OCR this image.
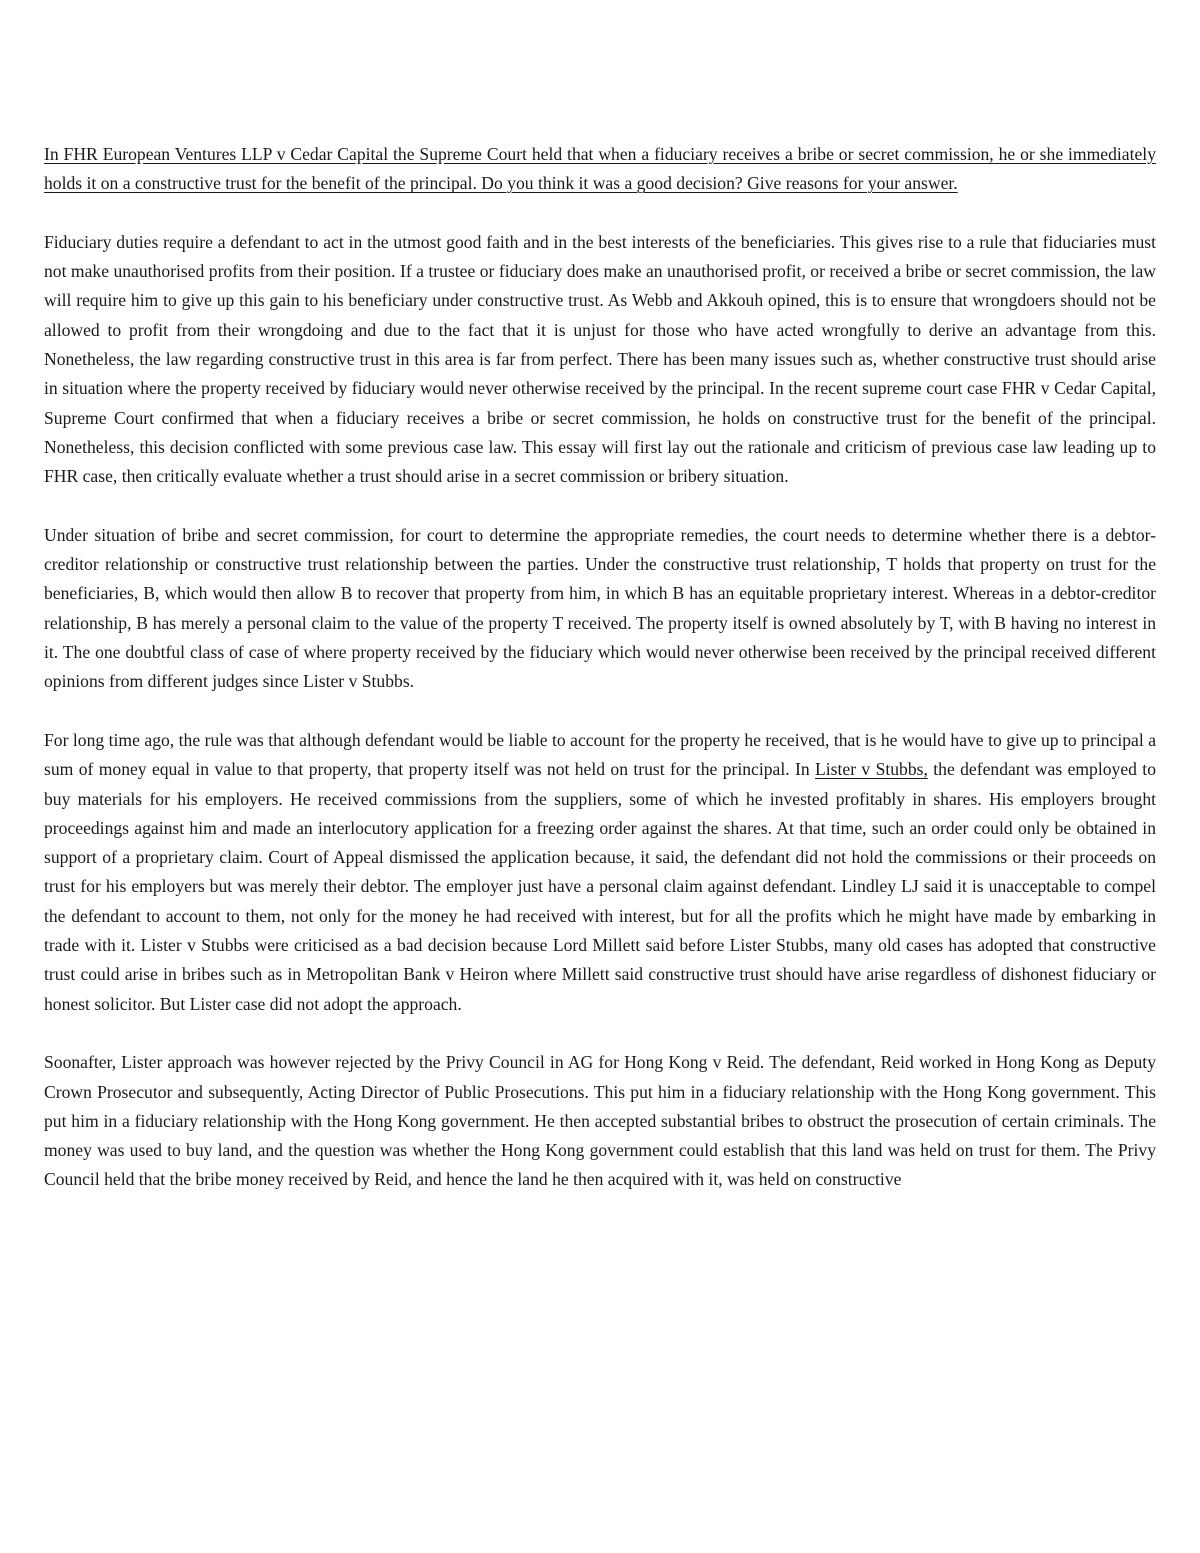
In FHR European Ventures LLP v Cedar Capital the Supreme Court held that when a fiduciary receives a bribe or secret commission, he or she immediately holds it on a constructive trust for the benefit of the principal. Do you think it was a good decision? Give reasons for your answer.

Fiduciary duties require a defendant to act in the utmost good faith and in the best interests of the beneficiaries. This gives rise to a rule that fiduciaries must not make unauthorised profits from their position. If a trustee or fiduciary does make an unauthorised profit, or received a bribe or secret commission, the law will require him to give up this gain to his beneficiary under constructive trust. As Webb and Akkouh opined, this is to ensure that wrongdoers should not be allowed to profit from their wrongdoing and due to the fact that it is unjust for those who have acted wrongfully to derive an advantage from this. Nonetheless, the law regarding constructive trust in this area is far from perfect. There has been many issues such as, whether constructive trust should arise in situation where the property received by fiduciary would never otherwise received by the principal. In the recent supreme court case FHR v Cedar Capital, Supreme Court confirmed that when a fiduciary receives a bribe or secret commission, he holds on constructive trust for the benefit of the principal. Nonetheless, this decision conflicted with some previous case law. This essay will first lay out the rationale and criticism of previous case law leading up to FHR case, then critically evaluate whether a trust should arise in a secret commission or bribery situation.

Under situation of bribe and secret commission, for court to determine the appropriate remedies, the court needs to determine whether there is a debtor-creditor relationship or constructive trust relationship between the parties. Under the constructive trust relationship, T holds that property on trust for the beneficiaries, B, which would then allow B to recover that property from him, in which B has an equitable proprietary interest. Whereas in a debtor-creditor relationship, B has merely a personal claim to the value of the property T received. The property itself is owned absolutely by T, with B having no interest in it. The one doubtful class of case of where property received by the fiduciary which would never otherwise been received by the principal received different opinions from different judges since Lister v Stubbs.

For long time ago, the rule was that although defendant would be liable to account for the property he received, that is he would have to give up to principal a sum of money equal in value to that property, that property itself was not held on trust for the principal. In Lister v Stubbs, the defendant was employed to buy materials for his employers. He received commissions from the suppliers, some of which he invested profitably in shares. His employers brought proceedings against him and made an interlocutory application for a freezing order against the shares. At that time, such an order could only be obtained in support of a proprietary claim. Court of Appeal dismissed the application because, it said, the defendant did not hold the commissions or their proceeds on trust for his employers but was merely their debtor. The employer just have a personal claim against defendant. Lindley LJ said it is unacceptable to compel the defendant to account to them, not only for the money he had received with interest, but for all the profits which he might have made by embarking in trade with it. Lister v Stubbs were criticised as a bad decision because Lord Millett said before Lister Stubbs, many old cases has adopted that constructive trust could arise in bribes such as in Metropolitan Bank v Heiron where Millett said constructive trust should have arise regardless of dishonest fiduciary or honest solicitor. But Lister case did not adopt the approach.

Soonafter, Lister approach was however rejected by the Privy Council in AG for Hong Kong v Reid. The defendant, Reid worked in Hong Kong as Deputy Crown Prosecutor and subsequently, Acting Director of Public Prosecutions. This put him in a fiduciary relationship with the Hong Kong government. This put him in a fiduciary relationship with the Hong Kong government. He then accepted substantial bribes to obstruct the prosecution of certain criminals. The money was used to buy land, and the question was whether the Hong Kong government could establish that this land was held on trust for them. The Privy Council held that the bribe money received by Reid, and hence the land he then acquired with it, was held on constructive
